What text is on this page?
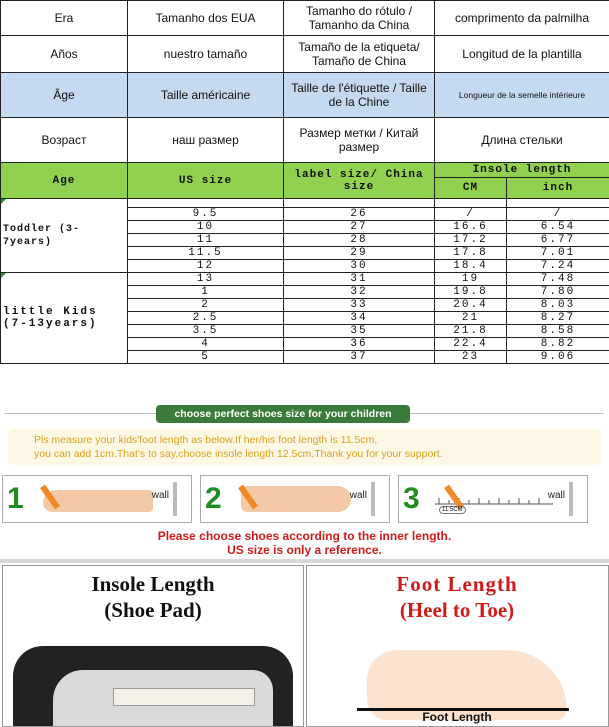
Era	Tamanho dos EUA	Tamanho do rótulo / Tamanho da China	comprimento da palmilha	
Años	nuestro tamaño	Tamaño de la etiqueta/ Tamaño de China	Longitud de la plantilla	
Âge	Taille américaine	Taille de l'étiquette / Taille de la Chine	Longueur de la semelle intérieure	
Возраст	наш размер	Размер метки / Китай размер	Длина стельки	
Age	US size	label size/ China size	Insole length	
			CM	inch
Toddler (3-7years)

	9.5	26	/	/
	10	27	16.6	6.54
	11	28	17.2	6.77
	11.5	29	17.8	7.01
	12	30	18.4	7.24
little Kids (7-13years)	13	31	19	7.48
	1	32	19.8	7.80
	2	33	20.4	8.03
	2.5	34	21	8.27
	3.5	35	21.8	8.58
	4	36	22.4	8.82
	5	37	23	9.06
choose perfect shoes size for your children
Pls measure your kids'foot length as below.If her/his foot length is 11.5cm,
you can add 1cm.That's to say,choose insole length 12.5cm.Thank you for your support.
1	wall 2	wall 3	11.5CM
wall
Please choose shoes according to the inner length.
US size is only a reference.
Insole Length
(Shoe Pad)
Foot Length
(Heel to Toe)
Foot Length
